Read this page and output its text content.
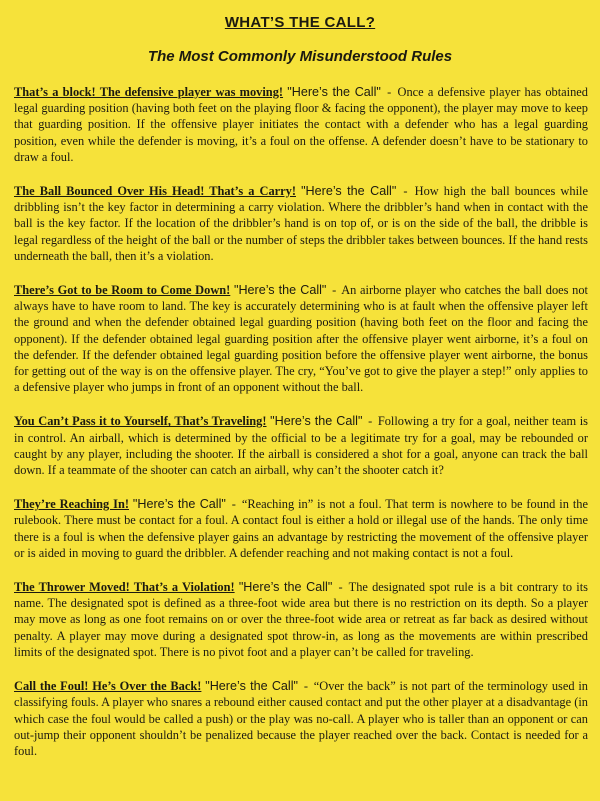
WHAT’S THE CALL?
The Most Commonly Misunderstood Rules

That’s a block! The defensive player was moving! "Here’s the Call" - Once a defensive player has obtained legal guarding position (having both feet on the playing floor & facing the opponent), the player may move to keep that guarding position. If the offensive player initiates the contact with a defender who has a legal guarding position, even while the defender is moving, it’s a foul on the offense. A defender doesn’t have to be stationary to draw a foul.

The Ball Bounced Over His Head! That’s a Carry! "Here’s the Call" - How high the ball bounces while dribbling isn’t the key factor in determining a carry violation. Where the dribbler’s hand when in contact with the ball is the key factor. If the location of the dribbler’s hand is on top of, or is on the side of the ball, the dribble is legal regardless of the height of the ball or the number of steps the dribbler takes between bounces. If the hand rests underneath the ball, then it’s a violation.

There’s Got to be Room to Come Down! "Here’s the Call" - An airborne player who catches the ball does not always have to have room to land. The key is accurately determining who is at fault when the offensive player left the ground and when the defender obtained legal guarding position (having both feet on the floor and facing the opponent). If the defender obtained legal guarding position after the offensive player went airborne, it’s a foul on the defender. If the defender obtained legal guarding position before the offensive player went airborne, the bonus for getting out of the way is on the offensive player. The cry, “You’ve got to give the player a step!” only applies to a defensive player who jumps in front of an opponent without the ball.

You Can’t Pass it to Yourself, That’s Traveling! "Here’s the Call" - Following a try for a goal, neither team is in control. An airball, which is determined by the official to be a legitimate try for a goal, may be rebounded or caught by any player, including the shooter. If the airball is considered a shot for a goal, anyone can track the ball down. If a teammate of the shooter can catch an airball, why can’t the shooter catch it?

They’re Reaching In! "Here’s the Call" - “Reaching in” is not a foul. That term is nowhere to be found in the rulebook. There must be contact for a foul. A contact foul is either a hold or illegal use of the hands. The only time there is a foul is when the defensive player gains an advantage by restricting the movement of the offensive player or is aided in moving to guard the dribbler. A defender reaching and not making contact is not a foul.

The Thrower Moved! That’s a Violation! "Here’s the Call" - The designated spot rule is a bit contrary to its name. The designated spot is defined as a three-foot wide area but there is no restriction on its depth. So a player may move as long as one foot remains on or over the three-foot wide area or retreat as far back as desired without penalty. A player may move during a designated spot throw-in, as long as the movements are within prescribed limits of the designated spot. There is no pivot foot and a player can’t be called for traveling.

Call the Foul! He’s Over the Back! "Here’s the Call" - “Over the back” is not part of the terminology used in classifying fouls. A player who snares a rebound either caused contact and put the other player at a disadvantage (in which case the foul would be called a push) or the play was no-call. A player who is taller than an opponent or can out-jump their opponent shouldn’t be penalized because the player reached over the back. Contact is needed for a foul.
